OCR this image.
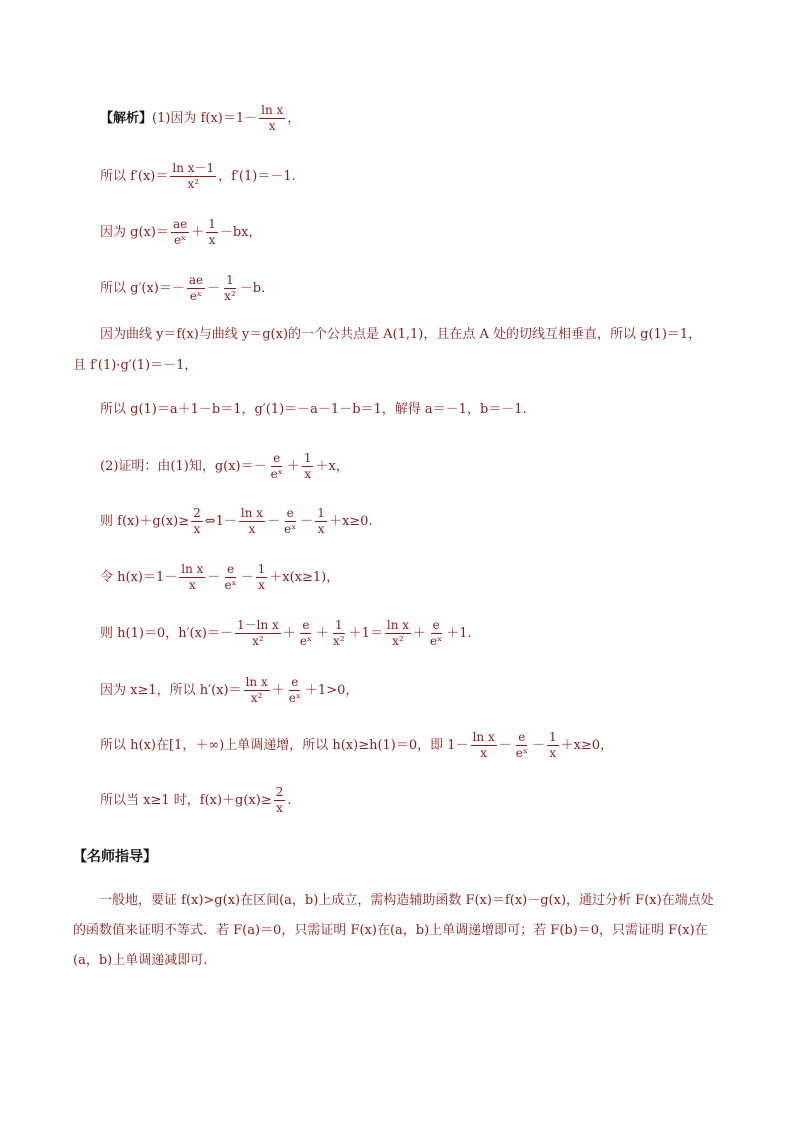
【解析】 (1)因为 $f(x)=1- \frac{\text{ln x}}{x}$ ，
所以 $f'(x)= \frac{\text{ln x－1}}{\text{x²}}$ ，f′(1)＝－1.
因为 $g(x)= \frac{ae}{\text{eˣ}} + \frac{1}{x} -bx$，
所以 $g'(x)=- \frac{ae}{\text{eˣ}} - \frac{1}{\text{x²}} -b$.
因为曲线 y＝f(x)与曲线 y＝g(x)的一个公共点是 A(1,1)，且在点 A 处的切线互相垂直，所以 g(1)＝1，
且 f′(1)·g′(1)＝－1，
所以 g(1)＝a＋1－b＝1，g′(1)＝－a－1－b＝1，解得 a＝－1，b＝－1.
(2)证明：由(1)知，$g(x)=- \frac{e}{\text{eˣ}} + \frac{1}{x} +x$，
则 $f(x)+g(x)\ge \frac{2}{x}$ ⇔1－ $\frac{\text{ln x}}{x} - \frac{e}{\text{eˣ}} - \frac{1}{x} +x\ge 0$.
令 $h(x)=1- \frac{\text{ln x}}{x} - \frac{e}{\text{eˣ}} - \frac{1}{x} +x(x\ge 1)$，
则 h(1)＝0，$h'(x)=- \frac{\text{1－ln x}}{\text{x²}} + \frac{e}{\text{eˣ}} + \frac{1}{\text{x²}} +1= \frac{\text{ln x}}{\text{x²}} + \frac{e}{\text{eˣ}} +1$.
因为 x≥1，所以 $h'(x)= \frac{\text{ln x}}{\text{x²}} + \frac{e}{\text{eˣ}} +1>0$，
所以 h(x)在[1，＋∞)上单调递增，所以 h(x)≥h(1)＝0，即 $1- \frac{\text{ln x}}{x} - \frac{e}{\text{eˣ}} - \frac{1}{x} +x\ge 0$，
所以当 x≥1 时，$f(x)+g(x)\ge \frac{2}{x}$ .
【名师指导】
一般地，要证 f(x)>g(x)在区间(a，b)上成立，需构造辅助函数 F(x)＝f(x)－g(x)，通过分析 F(x)在端点处的函数值来证明不等式．若 F(a)＝0，只需证明 F(x)在(a，b)上单调递增即可；若 F(b)＝0，只需证明 F(x)在(a，b)上单调递减即可.
